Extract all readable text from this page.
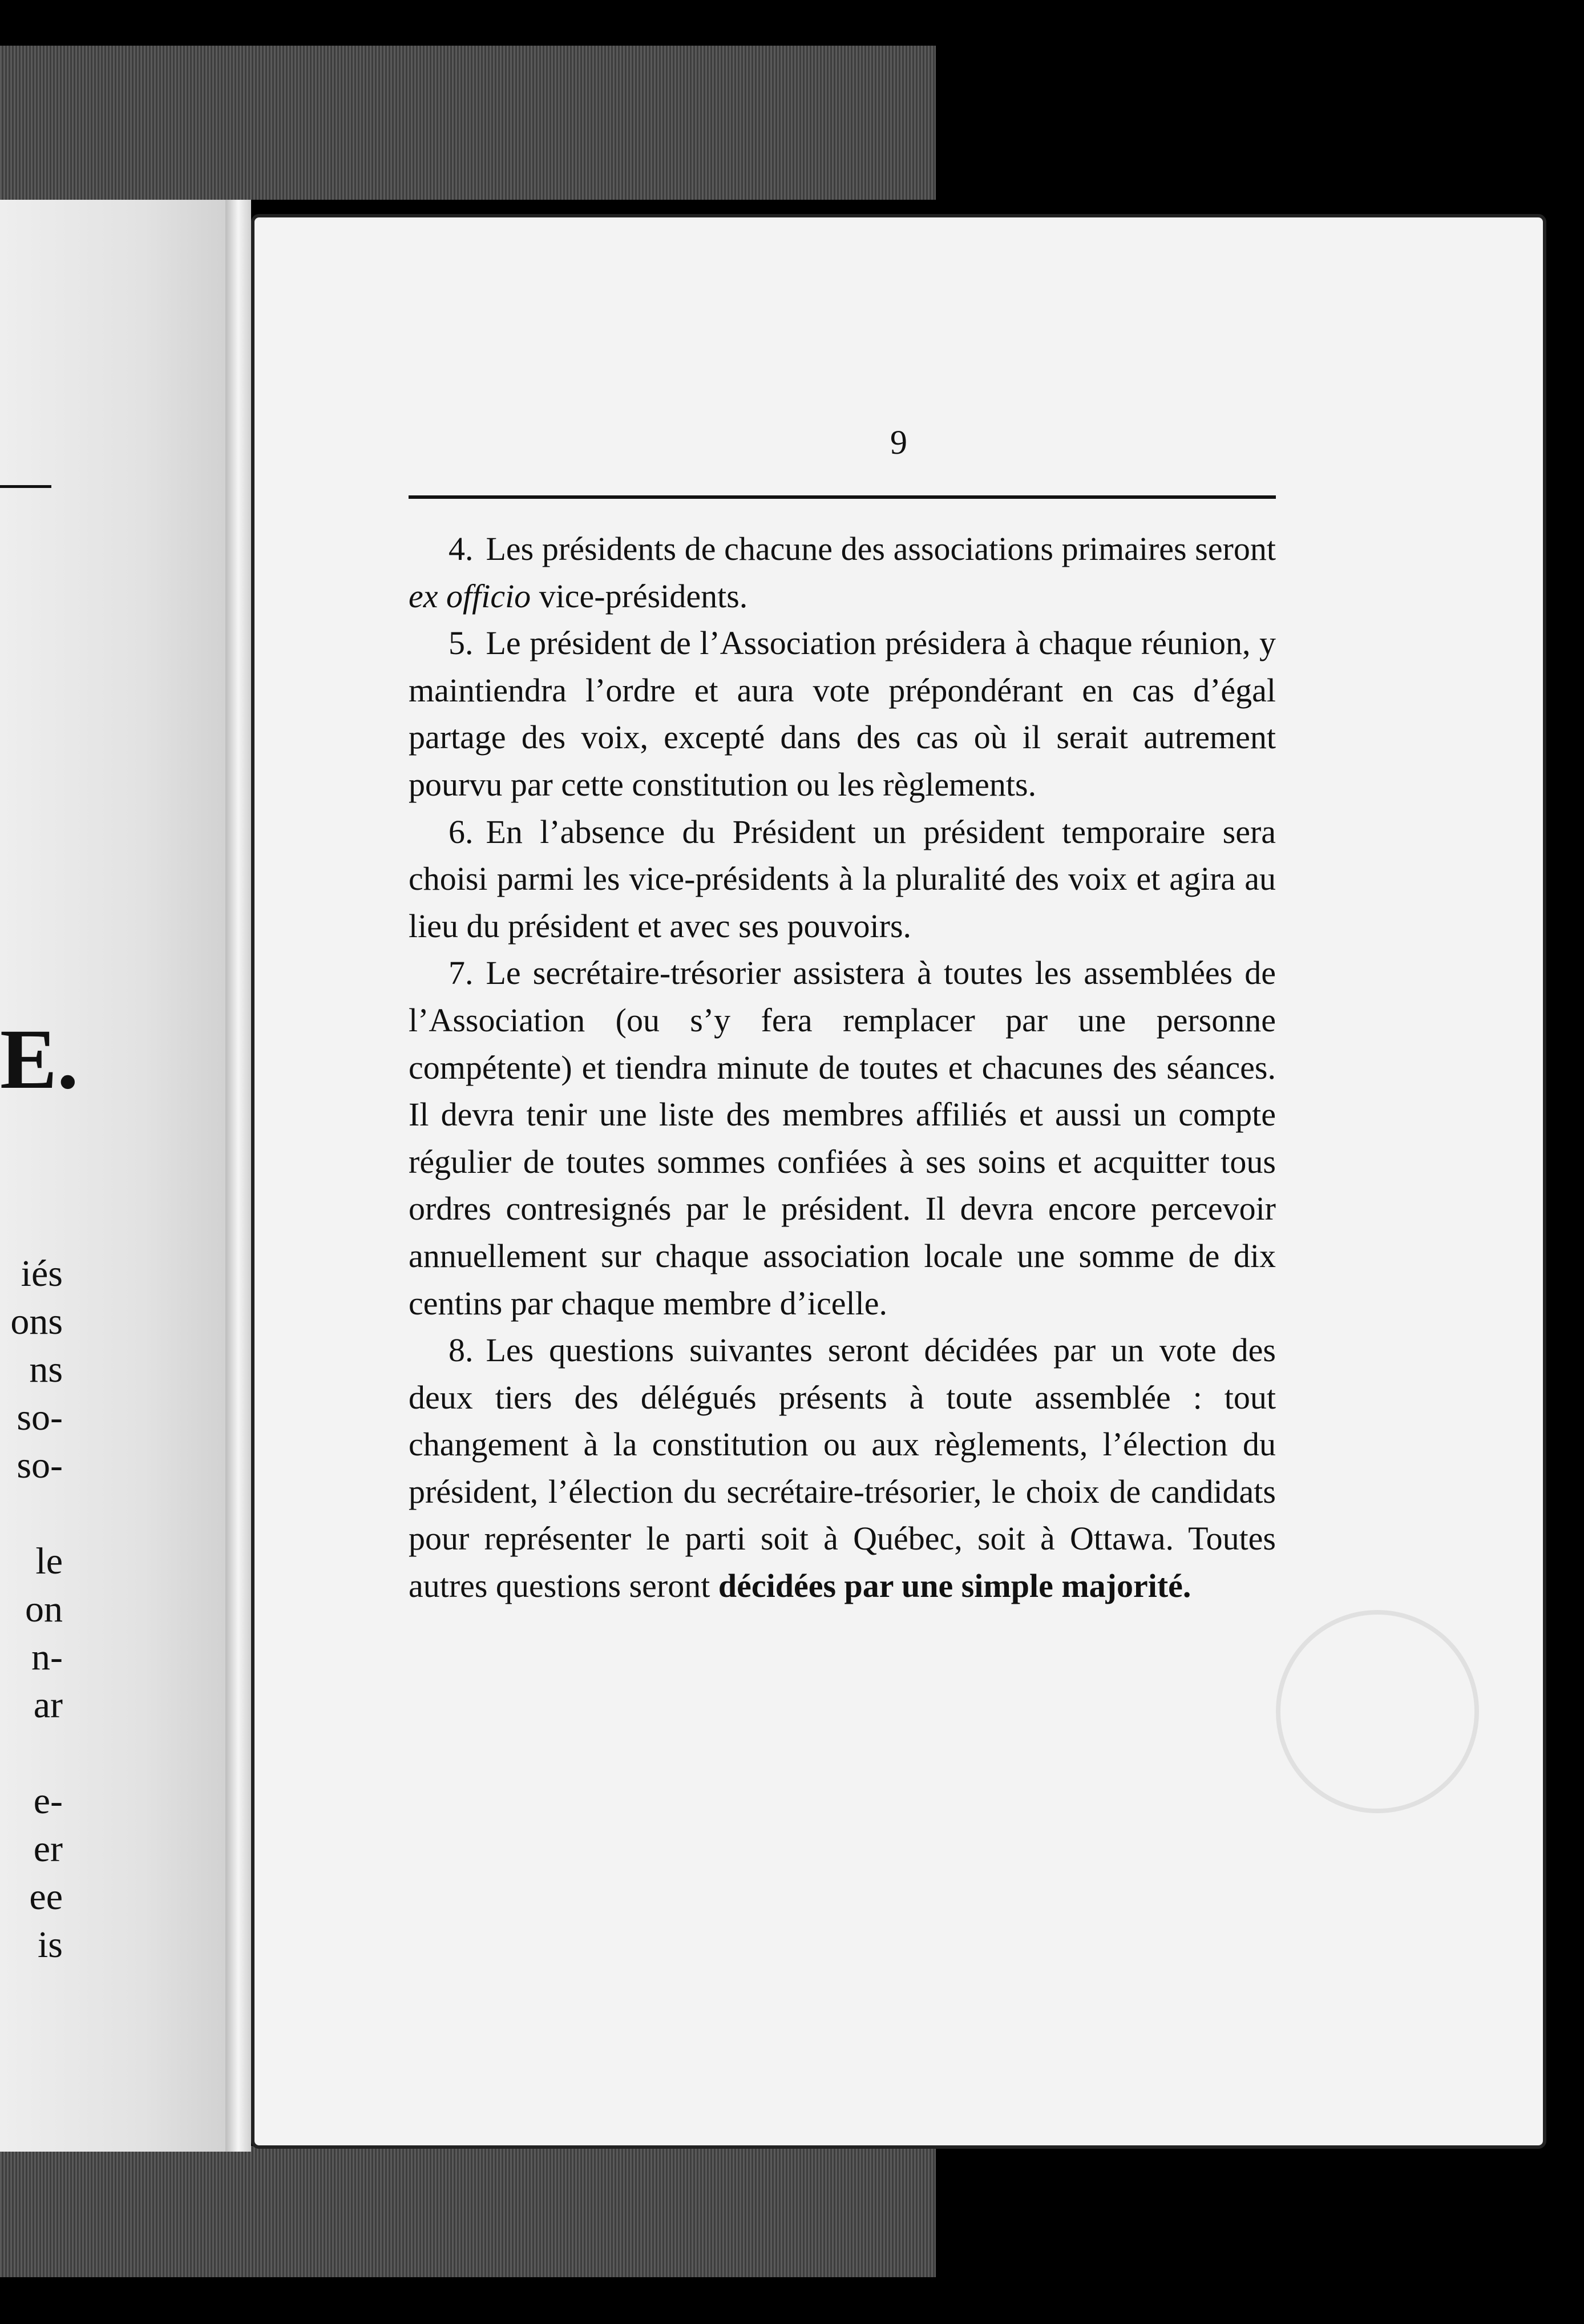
E.
iés
ons
ns
so-
so-
le
on
n-
ar
e-
er
ee
is
9

4. Les présidents de chacune des associations primaires seront ex officio vice-présidents.

5. Le président de l’Association présidera à chaque réunion, y maintiendra l’ordre et aura vote prépondérant en cas d’égal partage des voix, excepté dans des cas où il serait autrement pourvu par cette constitution ou les règlements.

6. En l’absence du Président un président temporaire sera choisi parmi les vice-présidents à la pluralité des voix et agira au lieu du président et avec ses pouvoirs.

7. Le secrétaire-trésorier assistera à toutes les assemblées de l’Association (ou s’y fera remplacer par une personne compétente) et tiendra minute de toutes et chacunes des séances. Il devra tenir une liste des membres affiliés et aussi un compte régulier de toutes sommes confiées à ses soins et acquitter tous ordres contresignés par le président. Il devra encore percevoir annuellement sur chaque association locale une somme de dix centins par chaque membre d’icelle.

8. Les questions suivantes seront décidées par un vote des deux tiers des délégués présents à toute assemblée : tout changement à la constitution ou aux règlements, l’élection du président, l’élection du secrétaire-trésorier, le choix de candidats pour représenter le parti soit à Québec, soit à Ottawa. Toutes autres questions seront décidées par une simple majorité.
